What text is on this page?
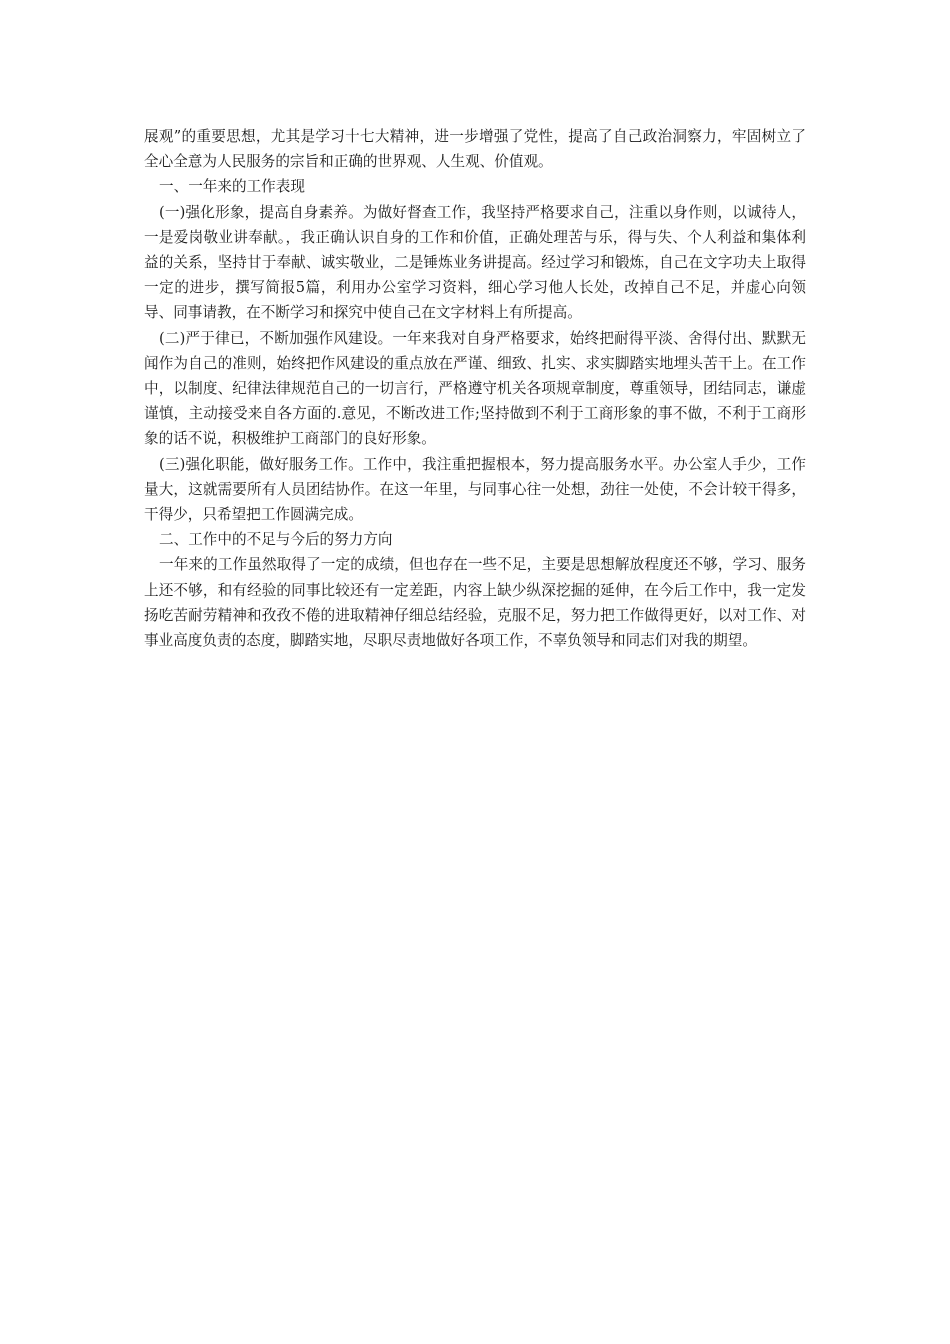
展观”的重要思想，尤其是学习十七大精神，进一步增强了党性，提高了自己政治洞察力，牢固树立了全心全意为人民服务的宗旨和正确的世界观、人生观、价值观。

一、一年来的工作表现

(一)强化形象，提高自身素养。为做好督查工作，我坚持严格要求自己，注重以身作则，以诚待人，一是爱岗敬业讲奉献。，我正确认识自身的工作和价值，正确处理苦与乐，得与失、个人利益和集体利益的关系，坚持甘于奉献、诚实敬业，二是锤炼业务讲提高。经过学习和锻炼，自己在文字功夫上取得一定的进步，撰写简报5篇，利用办公室学习资料，细心学习他人长处，改掉自己不足，并虚心向领导、同事请教，在不断学习和探究中使自己在文字材料上有所提高。

(二)严于律已，不断加强作风建设。一年来我对自身严格要求，始终把耐得平淡、舍得付出、默默无闻作为自己的准则，始终把作风建设的重点放在严谨、细致、扎实、求实脚踏实地埋头苦干上。在工作中，以制度、纪律法律规范自己的一切言行，严格遵守机关各项规章制度，尊重领导，团结同志，谦虚谨慎，主动接受来自各方面的.意见，不断改进工作;坚持做到不利于工商形象的事不做，不利于工商形象的话不说，积极维护工商部门的良好形象。

(三)强化职能，做好服务工作。工作中，我注重把握根本，努力提高服务水平。办公室人手少，工作量大，这就需要所有人员团结协作。在这一年里，与同事心往一处想，劲往一处使，不会计较干得多，干得少，只希望把工作圆满完成。

二、工作中的不足与今后的努力方向

一年来的工作虽然取得了一定的成绩，但也存在一些不足，主要是思想解放程度还不够，学习、服务上还不够，和有经验的同事比较还有一定差距，内容上缺少纵深挖掘的延伸，在今后工作中，我一定发扬吃苦耐劳精神和孜孜不倦的进取精神仔细总结经验，克服不足，努力把工作做得更好，以对工作、对事业高度负责的态度，脚踏实地，尽职尽责地做好各项工作，不辜负领导和同志们对我的期望。
